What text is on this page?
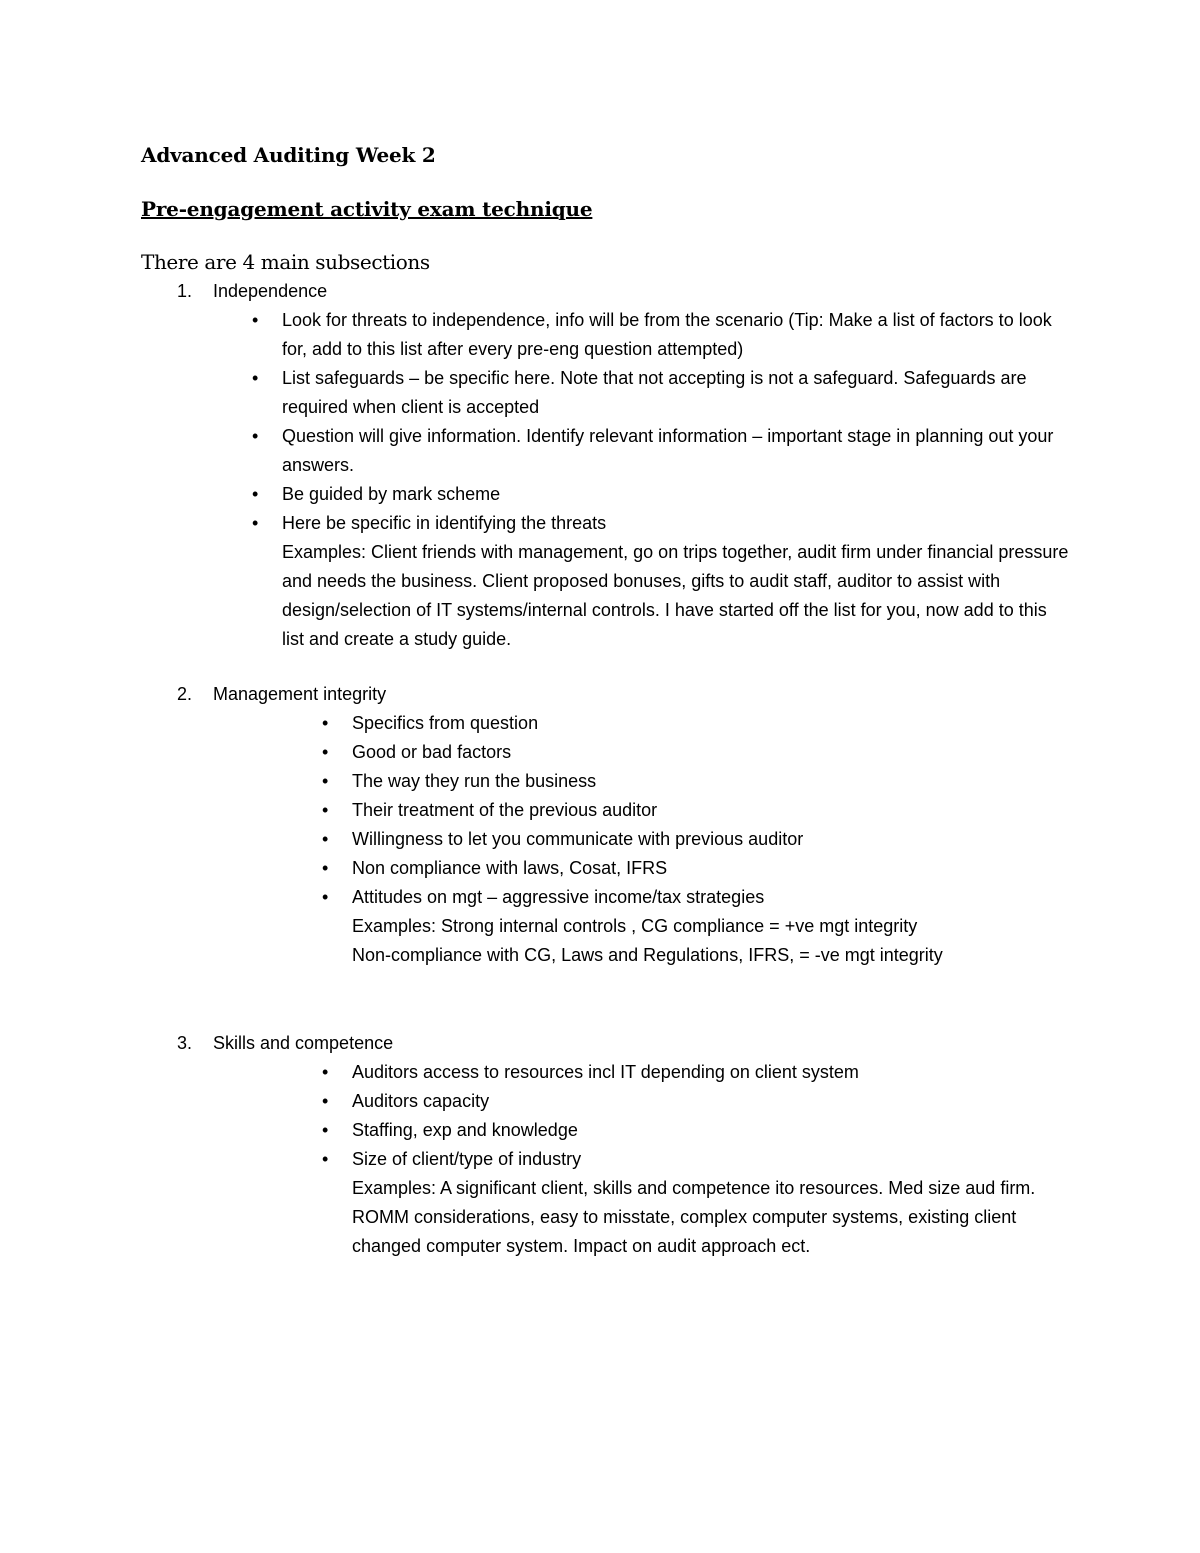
Advanced Auditing Week 2
Pre-engagement activity exam technique
There are 4 main subsections
1. Independence
• Look for threats to independence, info will be from the scenario (Tip: Make a list of factors to look for, add to this list after every pre-eng question attempted)
• List safeguards – be specific here. Note that not accepting is not a safeguard. Safeguards are required when client is accepted
• Question will give information. Identify relevant information – important stage in planning out your answers.
• Be guided by mark scheme
• Here be specific in identifying the threats
Examples: Client friends with management, go on trips together, audit firm under financial pressure and needs the business. Client proposed bonuses, gifts to audit staff, auditor to assist with design/selection of IT systems/internal controls. I have started off the list for you, now add to this list and create a study guide.
2. Management integrity
• Specifics from question
• Good or bad factors
• The way they run the business
• Their treatment of the previous auditor
• Willingness to let you communicate with previous auditor
• Non compliance with laws, Cosat, IFRS
• Attitudes on mgt – aggressive income/tax strategies
Examples: Strong internal controls , CG compliance = +ve mgt integrity
Non-compliance with CG, Laws and Regulations, IFRS, = -ve mgt integrity
3. Skills and competence
• Auditors access to resources incl IT depending on client system
• Auditors capacity
• Staffing, exp and knowledge
• Size of client/type of industry
Examples: A significant client, skills and competence ito resources. Med size aud firm. ROMM considerations, easy to misstate, complex computer systems, existing client changed computer system. Impact on audit approach ect.
